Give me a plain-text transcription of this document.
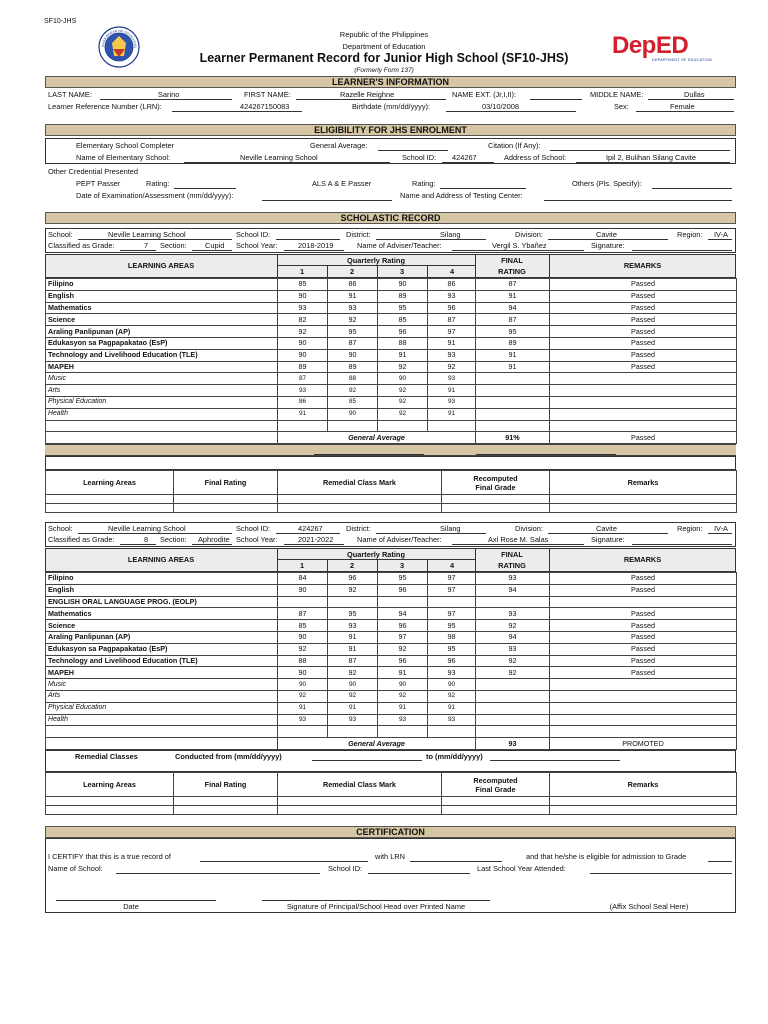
SF10-JHS
KAGAWARAN NG EDUKASYO
Republic of the Philippines
Department of Education
Learner Permanent Record for Junior High School (SF10-JHS)
(Formerly Form 137)
DepED
DEPARTMENT OF EDUCATION
LEARNER'S INFORMATION
LAST NAME:	Sarino	FIRST NAME:	Razelle Reighne	NAME EXT. (Jr,I,II):	MIDDLE NAME:	Dullas
Learner Reference Number (LRN):	424267150083	Birthdate (mm/dd/yyyy):	03/10/2008	Sex:	Female
ELIGIBILITY FOR JHS ENROLMENT
Elementary School Completer	General Average:	Citation (If Any):
Name of Elementary School:	Neville Learning School	School ID: 424267	Address of School:	Ipil 2, Bulihan Silang Cavite
Other Credential Presented
PEPT Passer	Rating:	ALS A & E Passer	Rating:	Others (Pls. Specify):
Date of Examination/Assessment (mm/dd/yyyy):	Name and Address of Testing Center:
SCHOLASTIC RECORD
School:	Neville Learning School	School ID:	District:	Silang	Division:	Cavite	Region: IV-A
Classified as Grade:	7 Section: Cupid School Year:	2018-2019	Name of Adviser/Teacher:	Vergil S. Ybañez	Signature:
LEARNING AREAS
Quarterly Rating
1	2	3	4
FINAL
RATING
REMARKS
Filipino	85	86	90	86	87	Passed
English	90	91	89	93	91	Passed
Mathematics	93	93	95	96	94	Passed
Science	82	92	85	87	87	Passed
Araling Panlipunan (AP)	92	95	96	97	95	Passed
Edukasyon sa Pagpapakatao (EsP)	90	87	88	91	89	Passed
Technology and Livelihood Education (TLE)	90	90	91	93	91	Passed
MAPEH	89	89	92	92	91	Passed
Music	87	88	90	93		
Arts	93	92	92	91		
Physical Education	86	85	92	93		
Health	91	90	92	91		

	General Average				91%	Passed
Learning Areas	Final Rating	Remedial Class Mark	Recomputed
Final Grade	Remarks

School:	Neville Learning School	School ID:	424267	District:	Silang	Division:	Cavite	Region: IV-A
Classified as Grade:	8 Section: Aphrodite School Year:	2021-2022	Name of Adviser/Teacher:	Axl Rose M. Salas	Signature:
LEARNING AREAS
Quarterly Rating
1	2	3	4
FINAL
RATING
REMARKS
Filipino	84	96	95	97	93	Passed
English	90	92	96	97	94	Passed
ENGLISH ORAL LANGUAGE PROG. (EOLP)						
Mathematics	87	95	94	97	93	Passed
Science	85	93	96	95	92	Passed
Araling Panlipunan (AP)	90	91	97	98	94	Passed
Edukasyon sa Pagpapakatao (EsP)	92	91	92	95	93	Passed
Technology and Livelihood Education (TLE)	88	87	96	96	92	Passed
MAPEH	90	92	91	93	92	Passed
Music	90	90	90	90		
Arts	92	92	92	92		
Physical Education	91	91	91	91		
Health	93	93	93	93		

	General Average				93	PROMOTED
Remedial Classes	Conducted from (mm/dd/yyyy)	to (mm/dd/yyyy)
Learning Areas	Final Rating	Remedial Class Mark	Recomputed
Final Grade	Remarks

CERTIFICATION
I CERTIFY that this is a true record of	with LRN	and that he/she is eligible for admission to Grade
Name of School:	School ID:	Last School Year Attended:
Date	Signature of Principal/School Head over Printed Name	(Affix School Seal Here)
